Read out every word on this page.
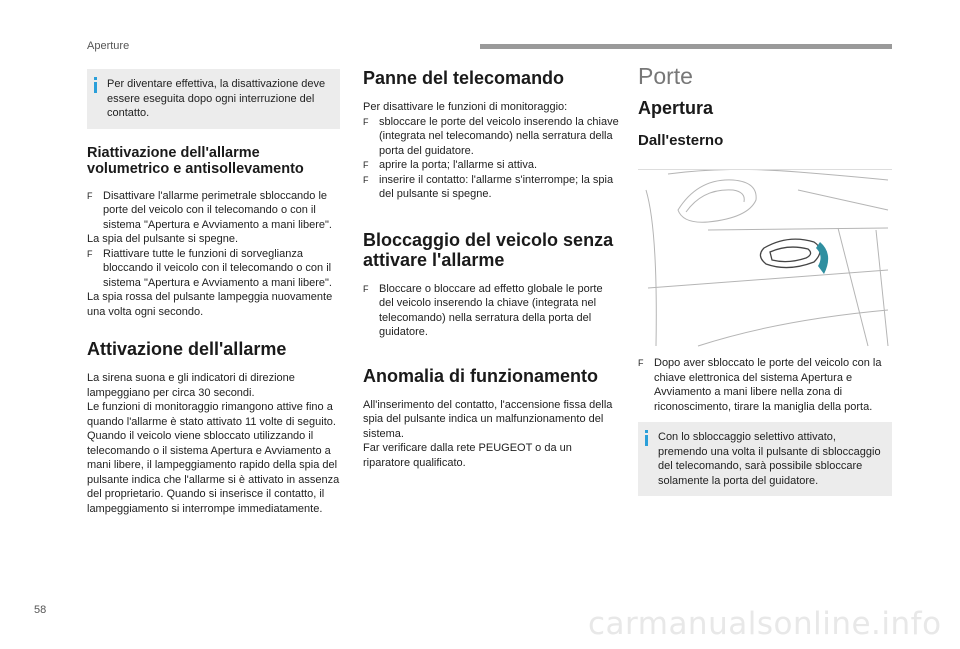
Aperture
Per diventare effettiva, la disattivazione deve essere eseguita dopo ogni interruzione del contatto.
Riattivazione dell'allarme volumetrico e antisollevamento
F Disattivare l'allarme perimetrale sbloccando le porte del veicolo con il telecomando o con il sistema "Apertura e Avviamento a mani libere".

La spia del pulsante si spegne.

F Riattivare tutte le funzioni di sorveglianza bloccando il veicolo con il telecomando o con il sistema "Apertura e Avviamento a mani libere".

La spia rossa del pulsante lampeggia nuovamente una volta ogni secondo.

Attivazione dell'allarme

La sirena suona e gli indicatori di direzione lampeggiano per circa 30 secondi.

Le funzioni di monitoraggio rimangono attive fino a quando l'allarme è stato attivato 11 volte di seguito.

Quando il veicolo viene sbloccato utilizzando il telecomando o il sistema Apertura e Avviamento a mani libere, il lampeggiamento rapido della spia del pulsante indica che l'allarme si è attivato in assenza del proprietario. Quando si inserisce il contatto, il lampeggiamento si interrompe immediatamente.

Panne del telecomando

Per disattivare le funzioni di monitoraggio:

F sbloccare le porte del veicolo inserendo la chiave (integrata nel telecomando) nella serratura della porta del guidatore.
F aprire la porta; l'allarme si attiva.
F inserire il contatto: l'allarme s'interrompe; la spia del pulsante si spegne.
Bloccaggio del veicolo senza attivare l'allarme
F Bloccare o bloccare ad effetto globale le porte del veicolo inserendo la chiave (integrata nel telecomando) nella serratura della porta del guidatore.
Anomalia di funzionamento

All'inserimento del contatto, l'accensione fissa della spia del pulsante indica un malfunzionamento del sistema.

Far verificare dalla rete PEUGEOT o da un riparatore qualificato.

Porte
Apertura
Dall'esterno
F Dopo aver sbloccato le porte del veicolo con la chiave elettronica del sistema Apertura e Avviamento a mani libere nella zona di riconoscimento, tirare la maniglia della porta.
Con lo sbloccaggio selettivo attivato, premendo una volta il pulsante di sbloccaggio del telecomando, sarà possibile sbloccare solamente la porta del guidatore.
58	carmanualsonline.info
